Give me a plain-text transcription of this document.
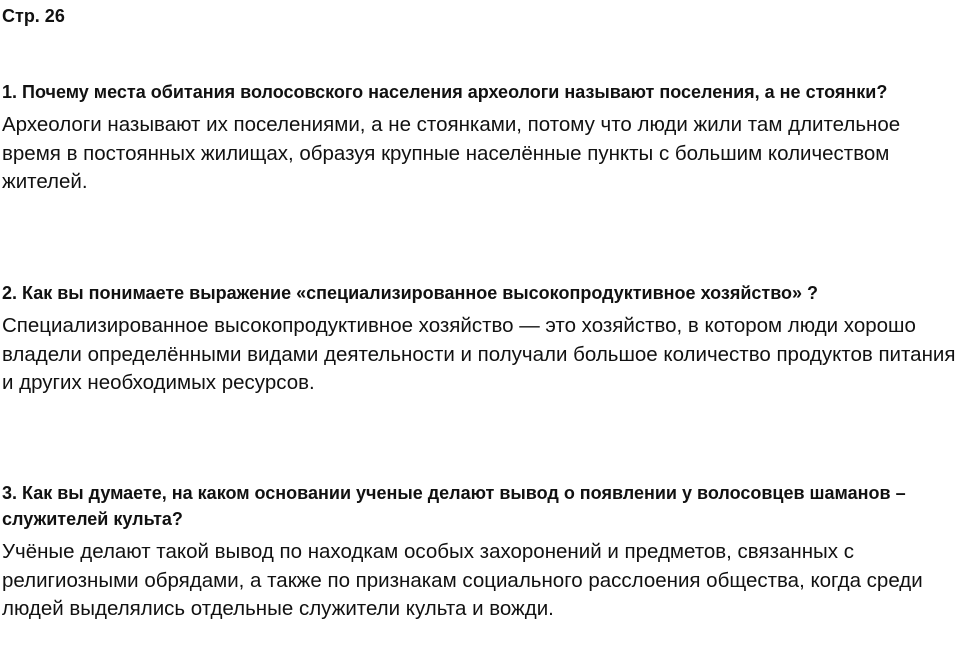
Стр. 26

1. Почему места обитания волосовского населения археологи называют поселения, а не стоянки?

Археологи называют их поселениями, а не стоянками, потому что люди жили там длительное время в постоянных жилищах, образуя крупные населённые пункты с большим количеством жителей.

2. Как вы понимаете выражение «специализированное высокопродуктивное хозяйство» ?

Специализированное высокопродуктивное хозяйство — это хозяйство, в котором люди хорошо владели определёнными видами деятельности и получали большое количество продуктов питания и других необходимых ресурсов.

3. Как вы думаете, на каком основании ученые делают вывод о появлении у волосовцев шаманов – служителей культа?

Учёные делают такой вывод по находкам особых захоронений и предметов, связанных с религиозными обрядами, а также по признакам социального расслоения общества, когда среди людей выделялись отдельные служители культа и вожди.
